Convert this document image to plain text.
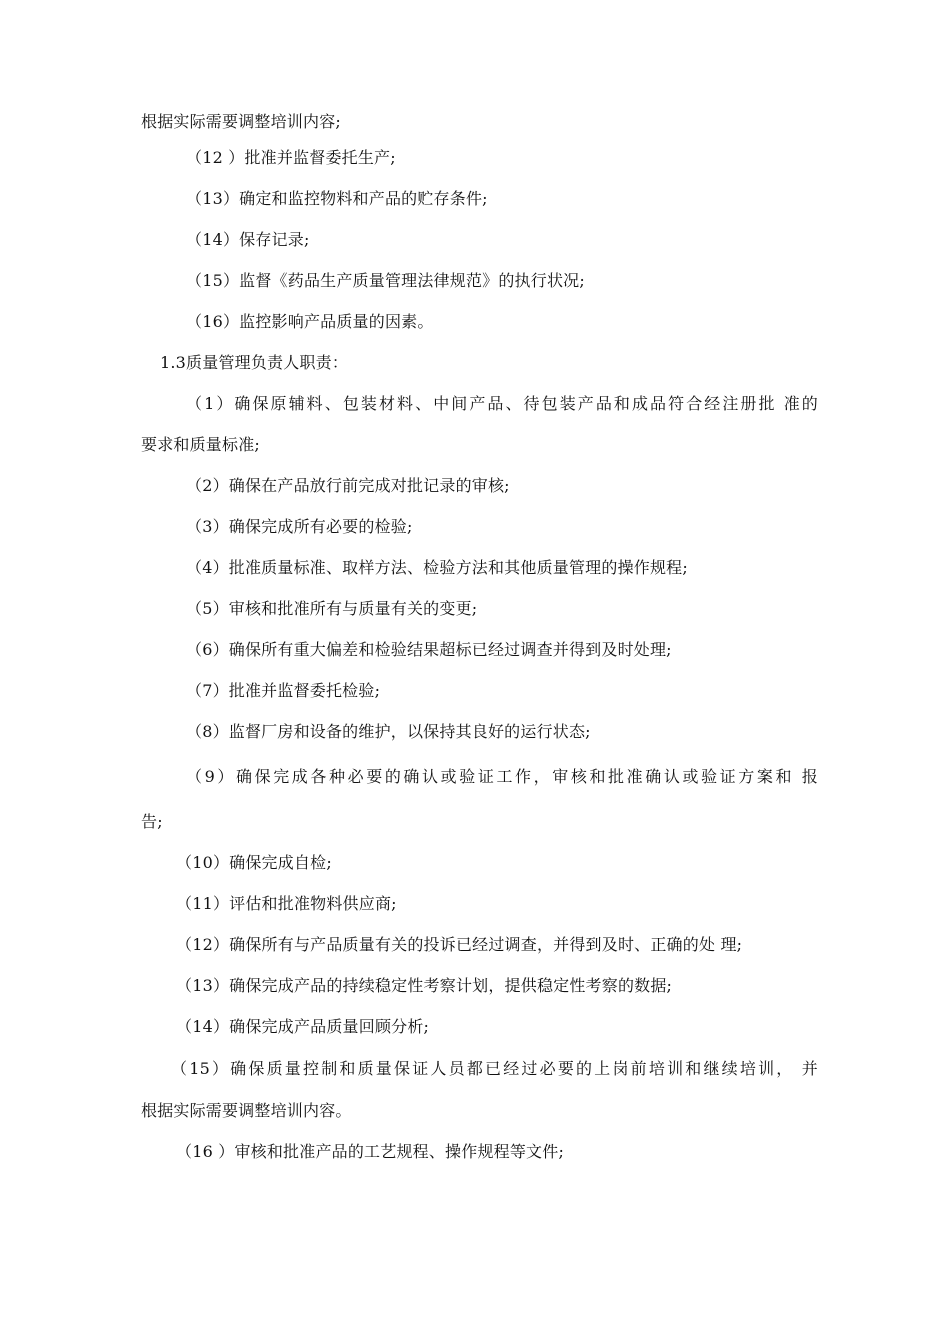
根据实际需要调整培训内容;
（12 ）批准并监督委托生产;
（13）确定和监控物料和产品的贮存条件;
（14）保存记录;
（15）监督《药品生产质量管理法律规范》的执行状况;
（16）监控影响产品质量的因素。
1.3质量管理负责人职责：
（1）确保原辅料、包装材料、中间产品、待包装产品和成品符合经注册批 准的
要求和质量标准;
（2）确保在产品放行前完成对批记录的审核;
（3）确保完成所有必要的检验;
（4）批准质量标准、取样方法、检验方法和其他质量管理的操作规程;
（5）审核和批准所有与质量有关的变更;
（6）确保所有重大偏差和检验结果超标已经过调查并得到及时处理;
（7）批准并监督委托检验;
（8）监督厂房和设备的维护，以保持其良好的运行状态;
（9）确保完成各种必要的确认或验证工作，审核和批准确认或验证方案和 报
告;
（10）确保完成自检;
（11）评估和批准物料供应商;
（12）确保所有与产品质量有关的投诉已经过调查，并得到及时、正确的处 理;
（13）确保完成产品的持续稳定性考察计划，提供稳定性考察的数据;
（14）确保完成产品质量回顾分析;
（15）确保质量控制和质量保证人员都已经过必要的上岗前培训和继续培训， 并
根据实际需要调整培训内容。
（16 ）审核和批准产品的工艺规程、操作规程等文件;
